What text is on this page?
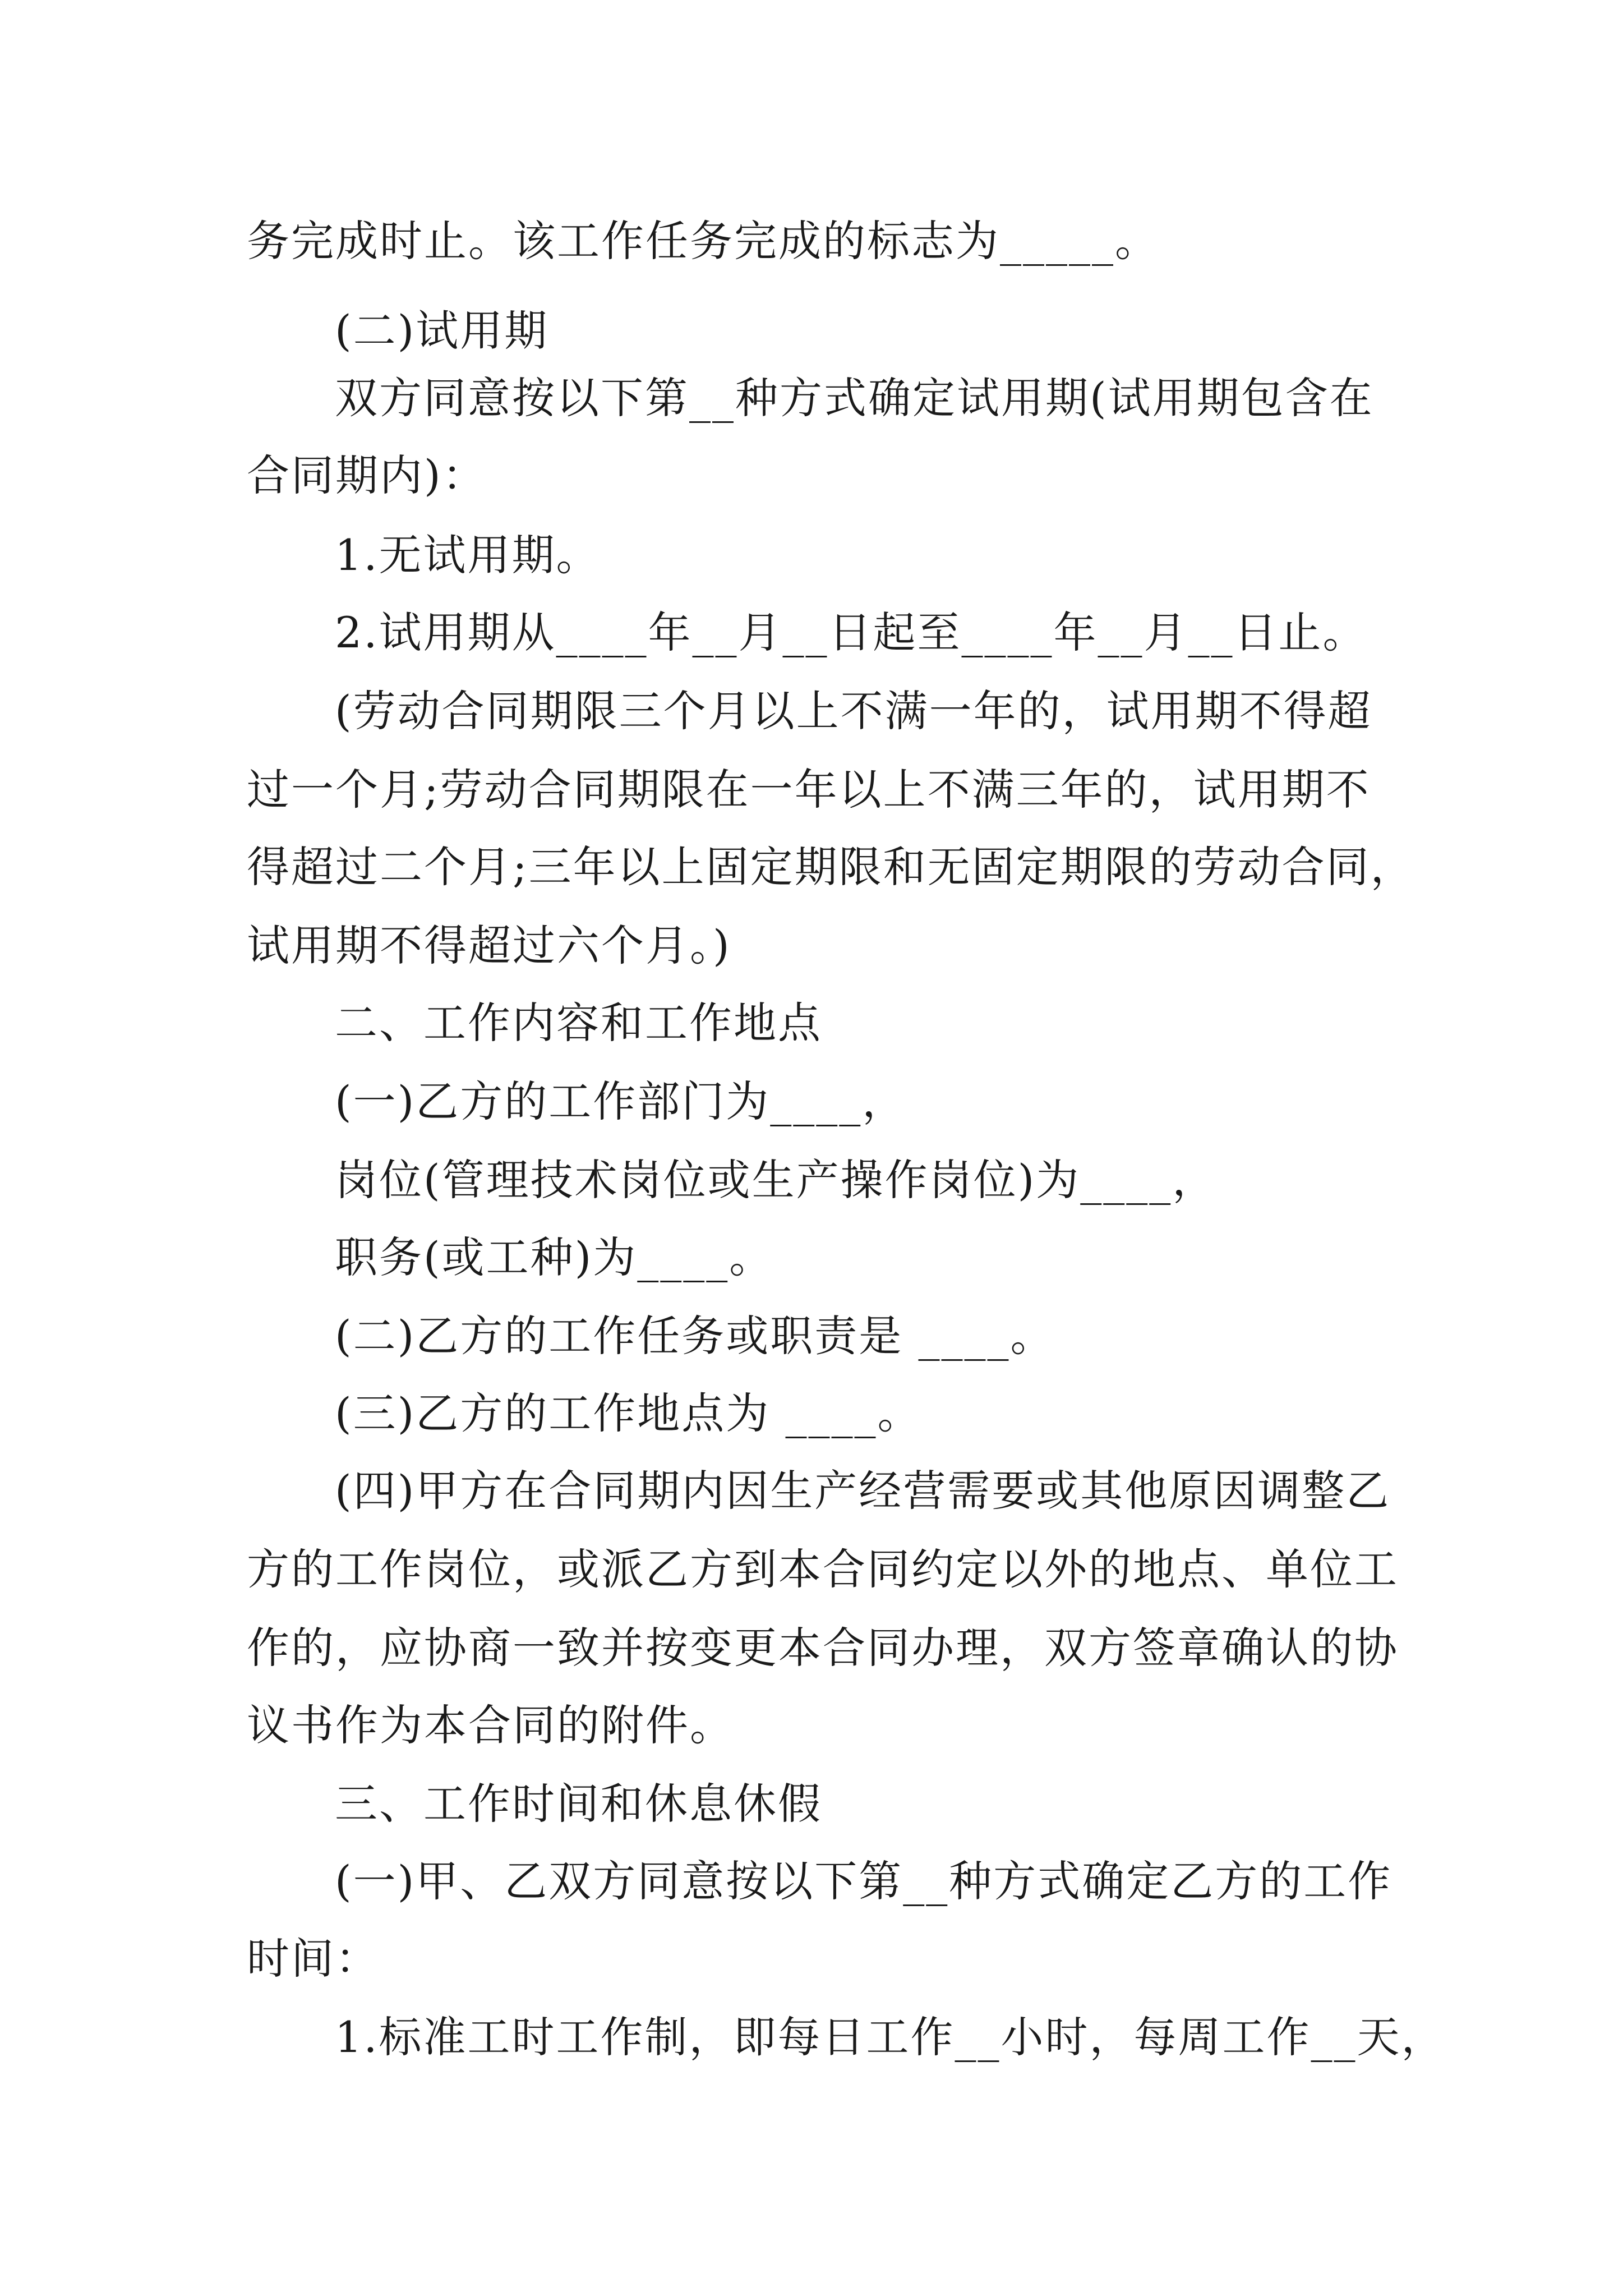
务完成时止。该工作任务完成的标志为_____。
(二)试用期
双方同意按以下第__种方式确定试用期(试用期包含在
合同期内)：
1.无试用期。
2.试用期从____年__月__日起至____年__月__日止。
(劳动合同期限三个月以上不满一年的，试用期不得超
过一个月;劳动合同期限在一年以上不满三年的，试用期不
得超过二个月;三年以上固定期限和无固定期限的劳动合同，
试用期不得超过六个月。)
二、工作内容和工作地点
(一)乙方的工作部门为____，
岗位(管理技术岗位或生产操作岗位)为____，
职务(或工种)为____。
(二)乙方的工作任务或职责是 ____。
(三)乙方的工作地点为 ____。
(四)甲方在合同期内因生产经营需要或其他原因调整乙
方的工作岗位，或派乙方到本合同约定以外的地点、单位工
作的，应协商一致并按变更本合同办理，双方签章确认的协
议书作为本合同的附件。
三、工作时间和休息休假
(一)甲、乙双方同意按以下第__种方式确定乙方的工作
时间：
1.标准工时工作制，即每日工作__小时，每周工作__天，
